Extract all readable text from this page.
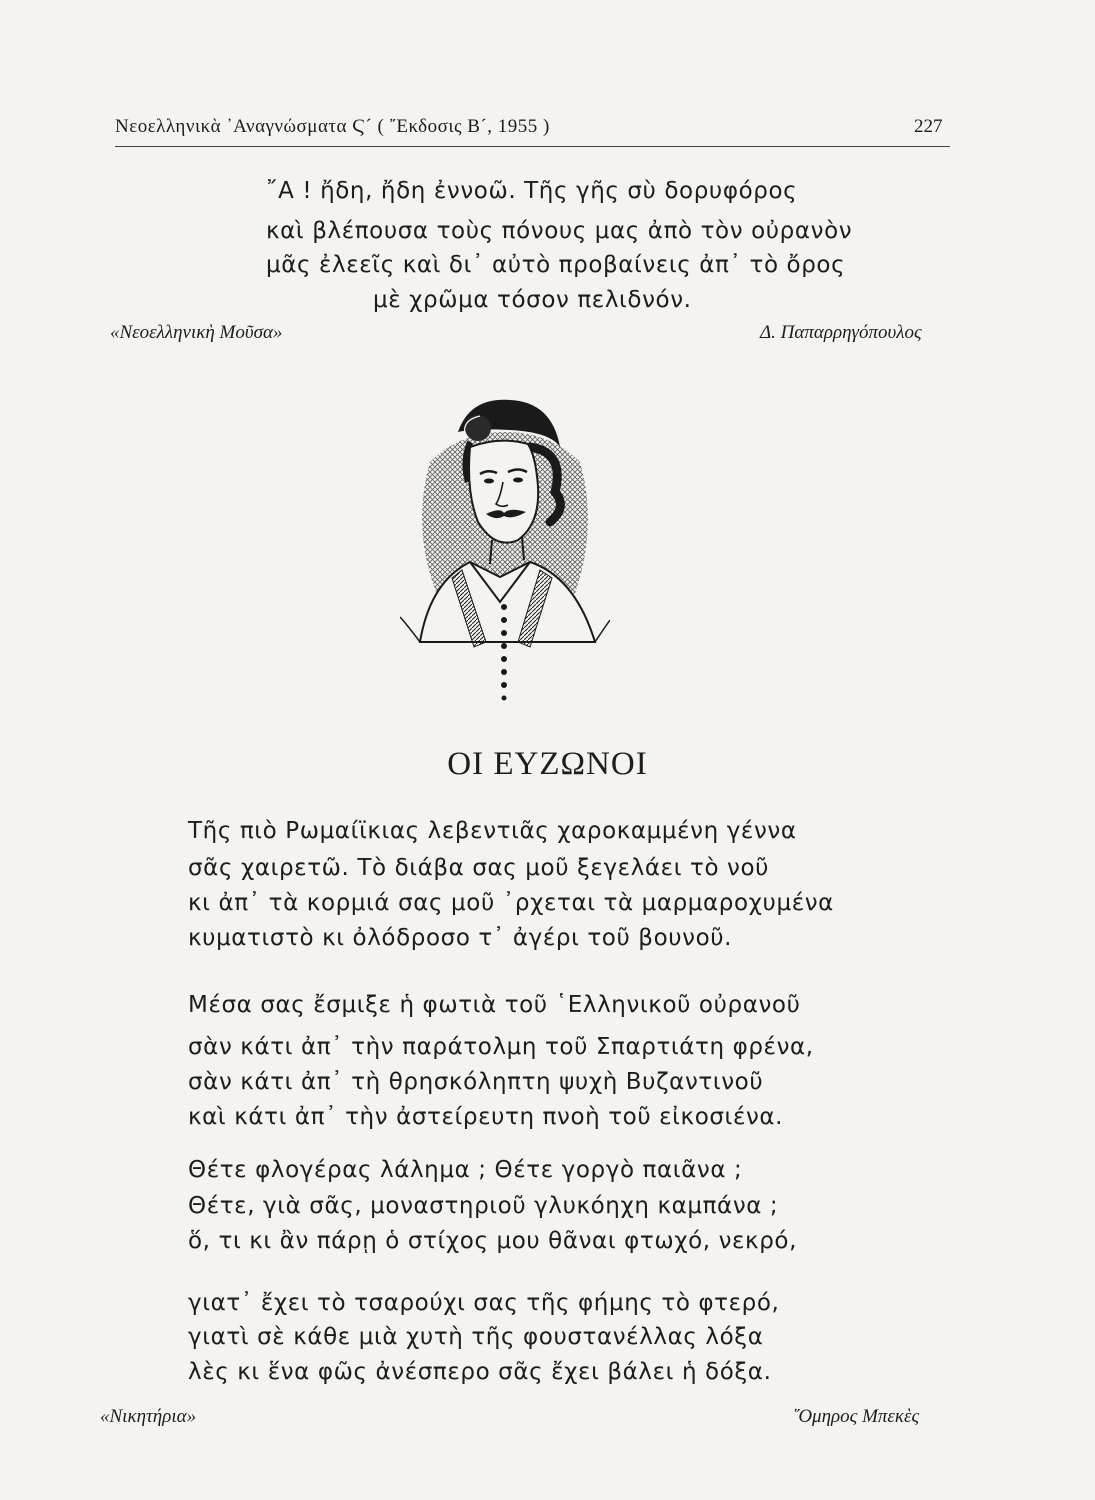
Νεοελληνικὰ ᾿Αναγνώσματα Ϛ´ ( ῎Εκδοσις Β´, 1955 )	227
῎Α ! ἤδη, ἤδη ἐννοῶ. Τῆς γῆς σὺ δορυφόρος
καὶ βλέπουσα τοὺς πόνους μας ἀπὸ τὸν οὐρανὸν
μᾶς ἐλεεῖς καὶ δι᾿ αὐτὸ προβαίνεις ἀπ᾿ τὸ ὄρος
μὲ χρῶμα τόσον πελιδνόν.
«Νεοελληνικὴ Μοῦσα»	Δ. Παπαρρηγόπουλος
ΟΙ ΕΥΖΩΝΟΙ
Τῆς πιὸ Ρωμαίϊκιας λεβεντιᾶς χαροκαμμένη γέννα
σᾶς χαιρετῶ. Τὸ διάβα σας μοῦ ξεγελάει τὸ νοῦ
κι ἀπ᾿ τὰ κορμιά σας μοῦ ᾿ρχεται τὰ μαρμαροχυμένα
κυματιστὸ κι ὀλόδροσο τ᾿ ἀγέρι τοῦ βουνοῦ.
Μέσα σας ἔσμιξε ἡ φωτιὰ τοῦ ῾Ελληνικοῦ οὐρανοῦ
σὰν κάτι ἀπ᾿ τὴν παράτολμη τοῦ Σπαρτιάτη φρένα,
σὰν κάτι ἀπ᾿ τὴ θρησκόληπτη ψυχὴ Βυζαντινοῦ
καὶ κάτι ἀπ᾿ τὴν ἀστείρευτη πνοὴ τοῦ εἰκοσιένα.
Θέτε φλογέρας λάλημα ; Θέτε γοργὸ παιᾶνα ;
Θέτε, γιὰ σᾶς, μοναστηριοῦ γλυκόηχη καμπάνα ;
ὅ, τι κι ἂν πάρῃ ὁ στίχος μου θᾶναι φτωχό, νεκρό,
γιατ᾿ ἔχει τὸ τσαρούχι σας τῆς φήμης τὸ φτερό,
γιατὶ σὲ κάθε μιὰ χυτὴ τῆς φουστανέλλας λόξα
λὲς κι ἕνα φῶς ἀνέσπερο σᾶς ἔχει βάλει ἡ δόξα.
«Νικητήρια»	῞Ομηρος Μπεκὲς
